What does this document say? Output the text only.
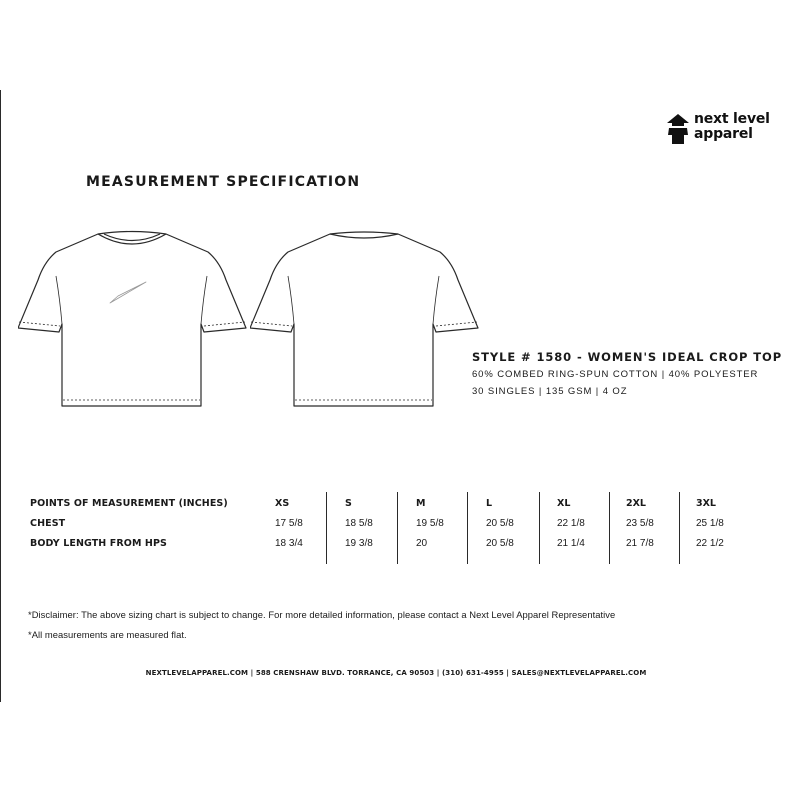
next level
apparel
MEASUREMENT SPECIFICATION
STYLE # 1580 - WOMEN'S IDEAL CROP TOP
60% COMBED RING-SPUN COTTON | 40% POLYESTER
30 SINGLES | 135 GSM | 4 OZ
POINTS OF MEASUREMENT (INCHES)
CHEST
BODY LENGTH FROM HPS
XS
17 5/8
18 3/4
S
18 5/8
19 3/8
M
19 5/8
20
L
20 5/8
20 5/8
XL
22 1/8
21 1/4
2XL
23 5/8
21 7/8
3XL
25 1/8
22 1/2
*Disclaimer: The above sizing chart is subject to change. For more detailed information, please contact a Next Level Apparel Representative
*All measurements are measured flat.
NEXTLEVELAPPAREL.COM | 588 CRENSHAW BLVD. TORRANCE, CA 90503 | (310) 631-4955 | SALES@NEXTLEVELAPPAREL.COM
